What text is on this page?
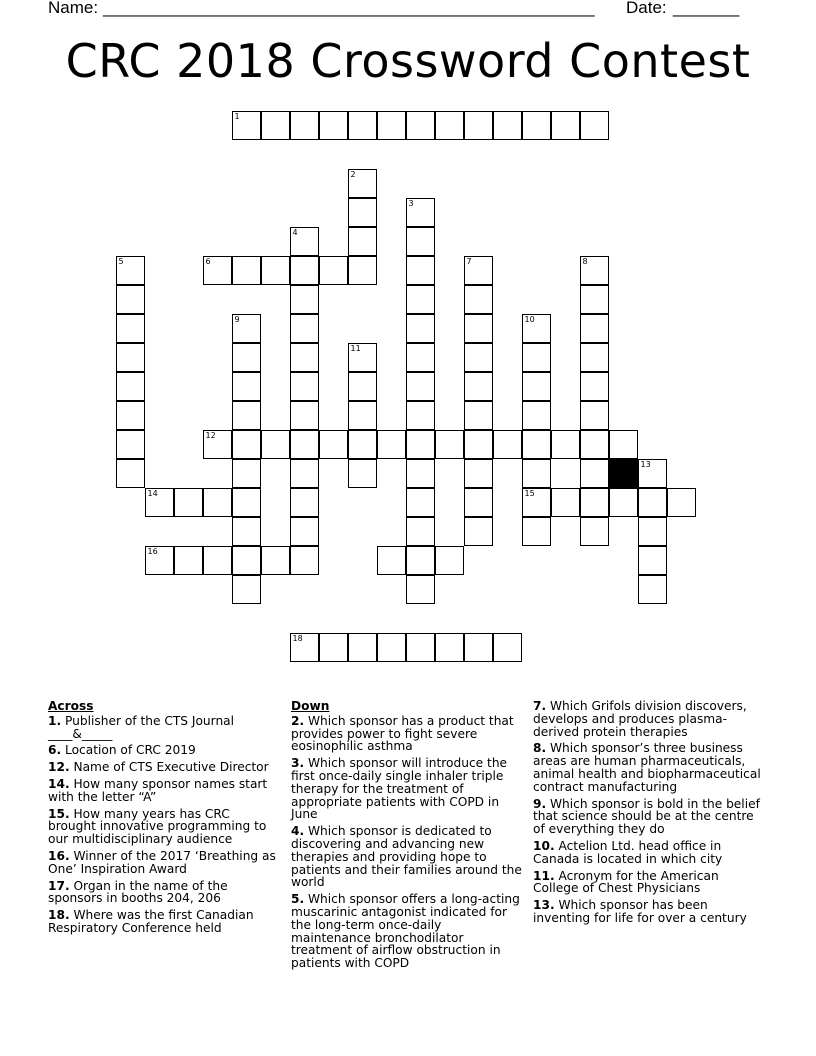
Name: ____________________________________________________ Date: _______
CRC 2018 Crossword Contest
1
2
3
4
5	6	7	8
9	10
15
11
12
13
14
16
18
Across
1. Publisher of the CTS Journal ____&_____
6. Location of CRC 2019
12. Name of CTS Executive Director
14. How many sponsor names start with the letter “A”
15. How many years has CRC brought innovative programming to our multidisciplinary audience
16. Winner of the 2017 ‘Breathing as One’ Inspiration Award
17. Organ in the name of the sponsors in booths 204, 206
18. Where was the first Canadian Respiratory Conference held
Down
2. Which sponsor has a product that provides power to fight severe eosinophilic asthma
3. Which sponsor will introduce the first once-daily single inhaler triple therapy for the treatment of appropriate patients with COPD in June
4. Which sponsor is dedicated to discovering and advancing new therapies and providing hope to patients and their families around the world
5. Which sponsor offers a long-acting muscarinic antagonist indicated for the long-term once-daily maintenance bronchodilator treatment of airflow obstruction in patients with COPD
7. Which Grifols division discovers, develops and produces plasma-derived protein therapies
8. Which sponsor’s three business areas are human pharmaceuticals, animal health and biopharmaceutical contract manufacturing
9. Which sponsor is bold in the belief that science should be at the centre of everything they do
10. Actelion Ltd. head office in Canada is located in which city
11. Acronym for the American College of Chest Physicians
13. Which sponsor has been inventing for life for over a century
